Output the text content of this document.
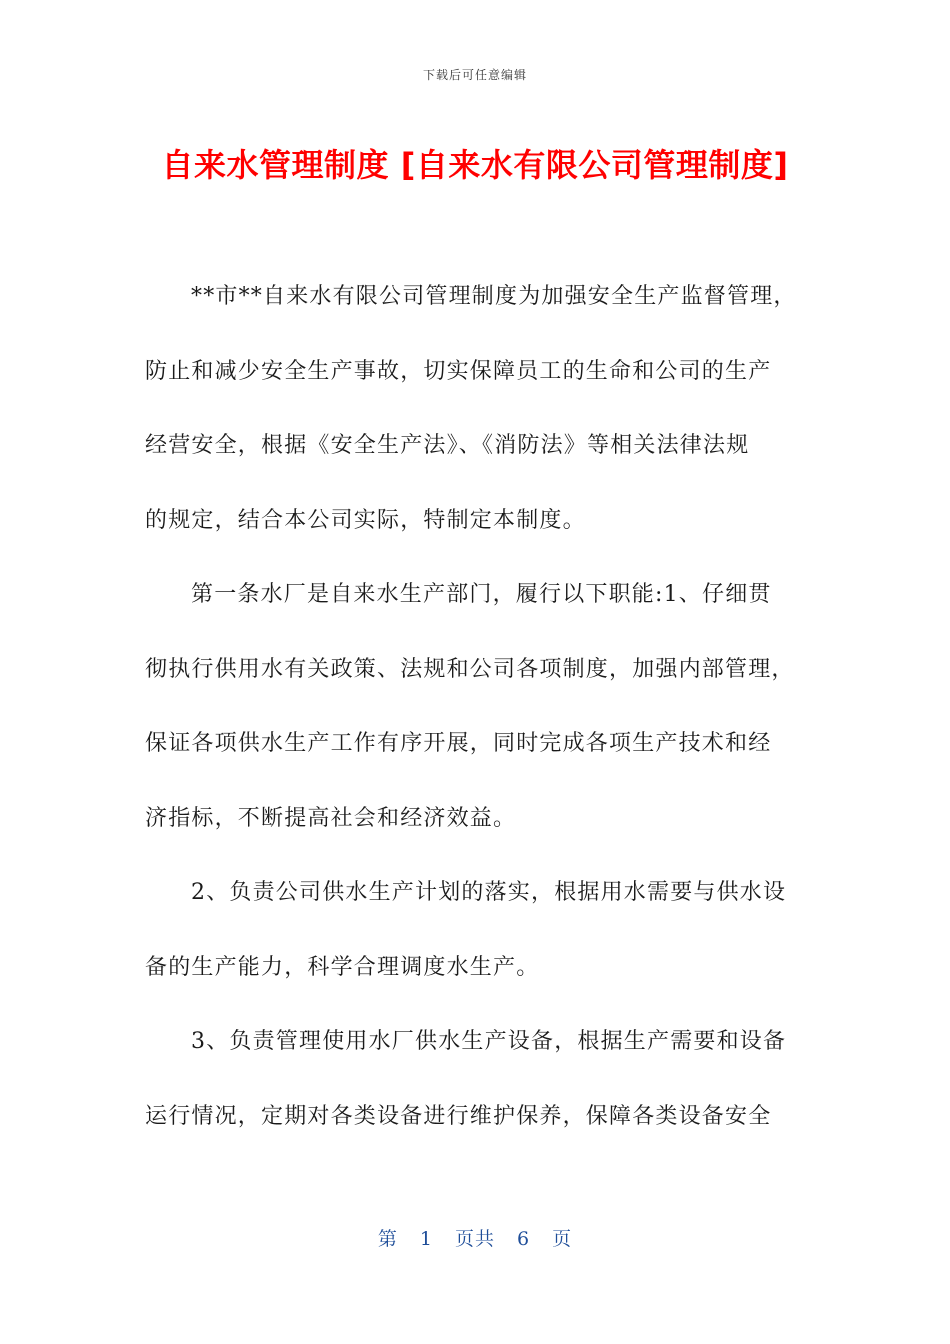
下载后可任意编辑
自来水管理制度 [自来水有限公司管理制度]
**市**自来水有限公司管理制度为加强安全生产监督管理，
防止和减少安全生产事故，切实保障员工的生命和公司的生产
经营安全，根据《安全生产法》、《消防法》等相关法律法规
的规定，结合本公司实际，特制定本制度。
第一条水厂是自来水生产部门，履行以下职能:1、仔细贯
彻执行供用水有关政策、法规和公司各项制度，加强内部管理，
保证各项供水生产工作有序开展，同时完成各项生产技术和经
济指标，不断提高社会和经济效益。
2、负责公司供水生产计划的落实，根据用水需要与供水设
备的生产能力，科学合理调度水生产。
3、负责管理使用水厂供水生产设备，根据生产需要和设备
运行情况，定期对各类设备进行维护保养，保障各类设备安全
第 1 页共 6 页
